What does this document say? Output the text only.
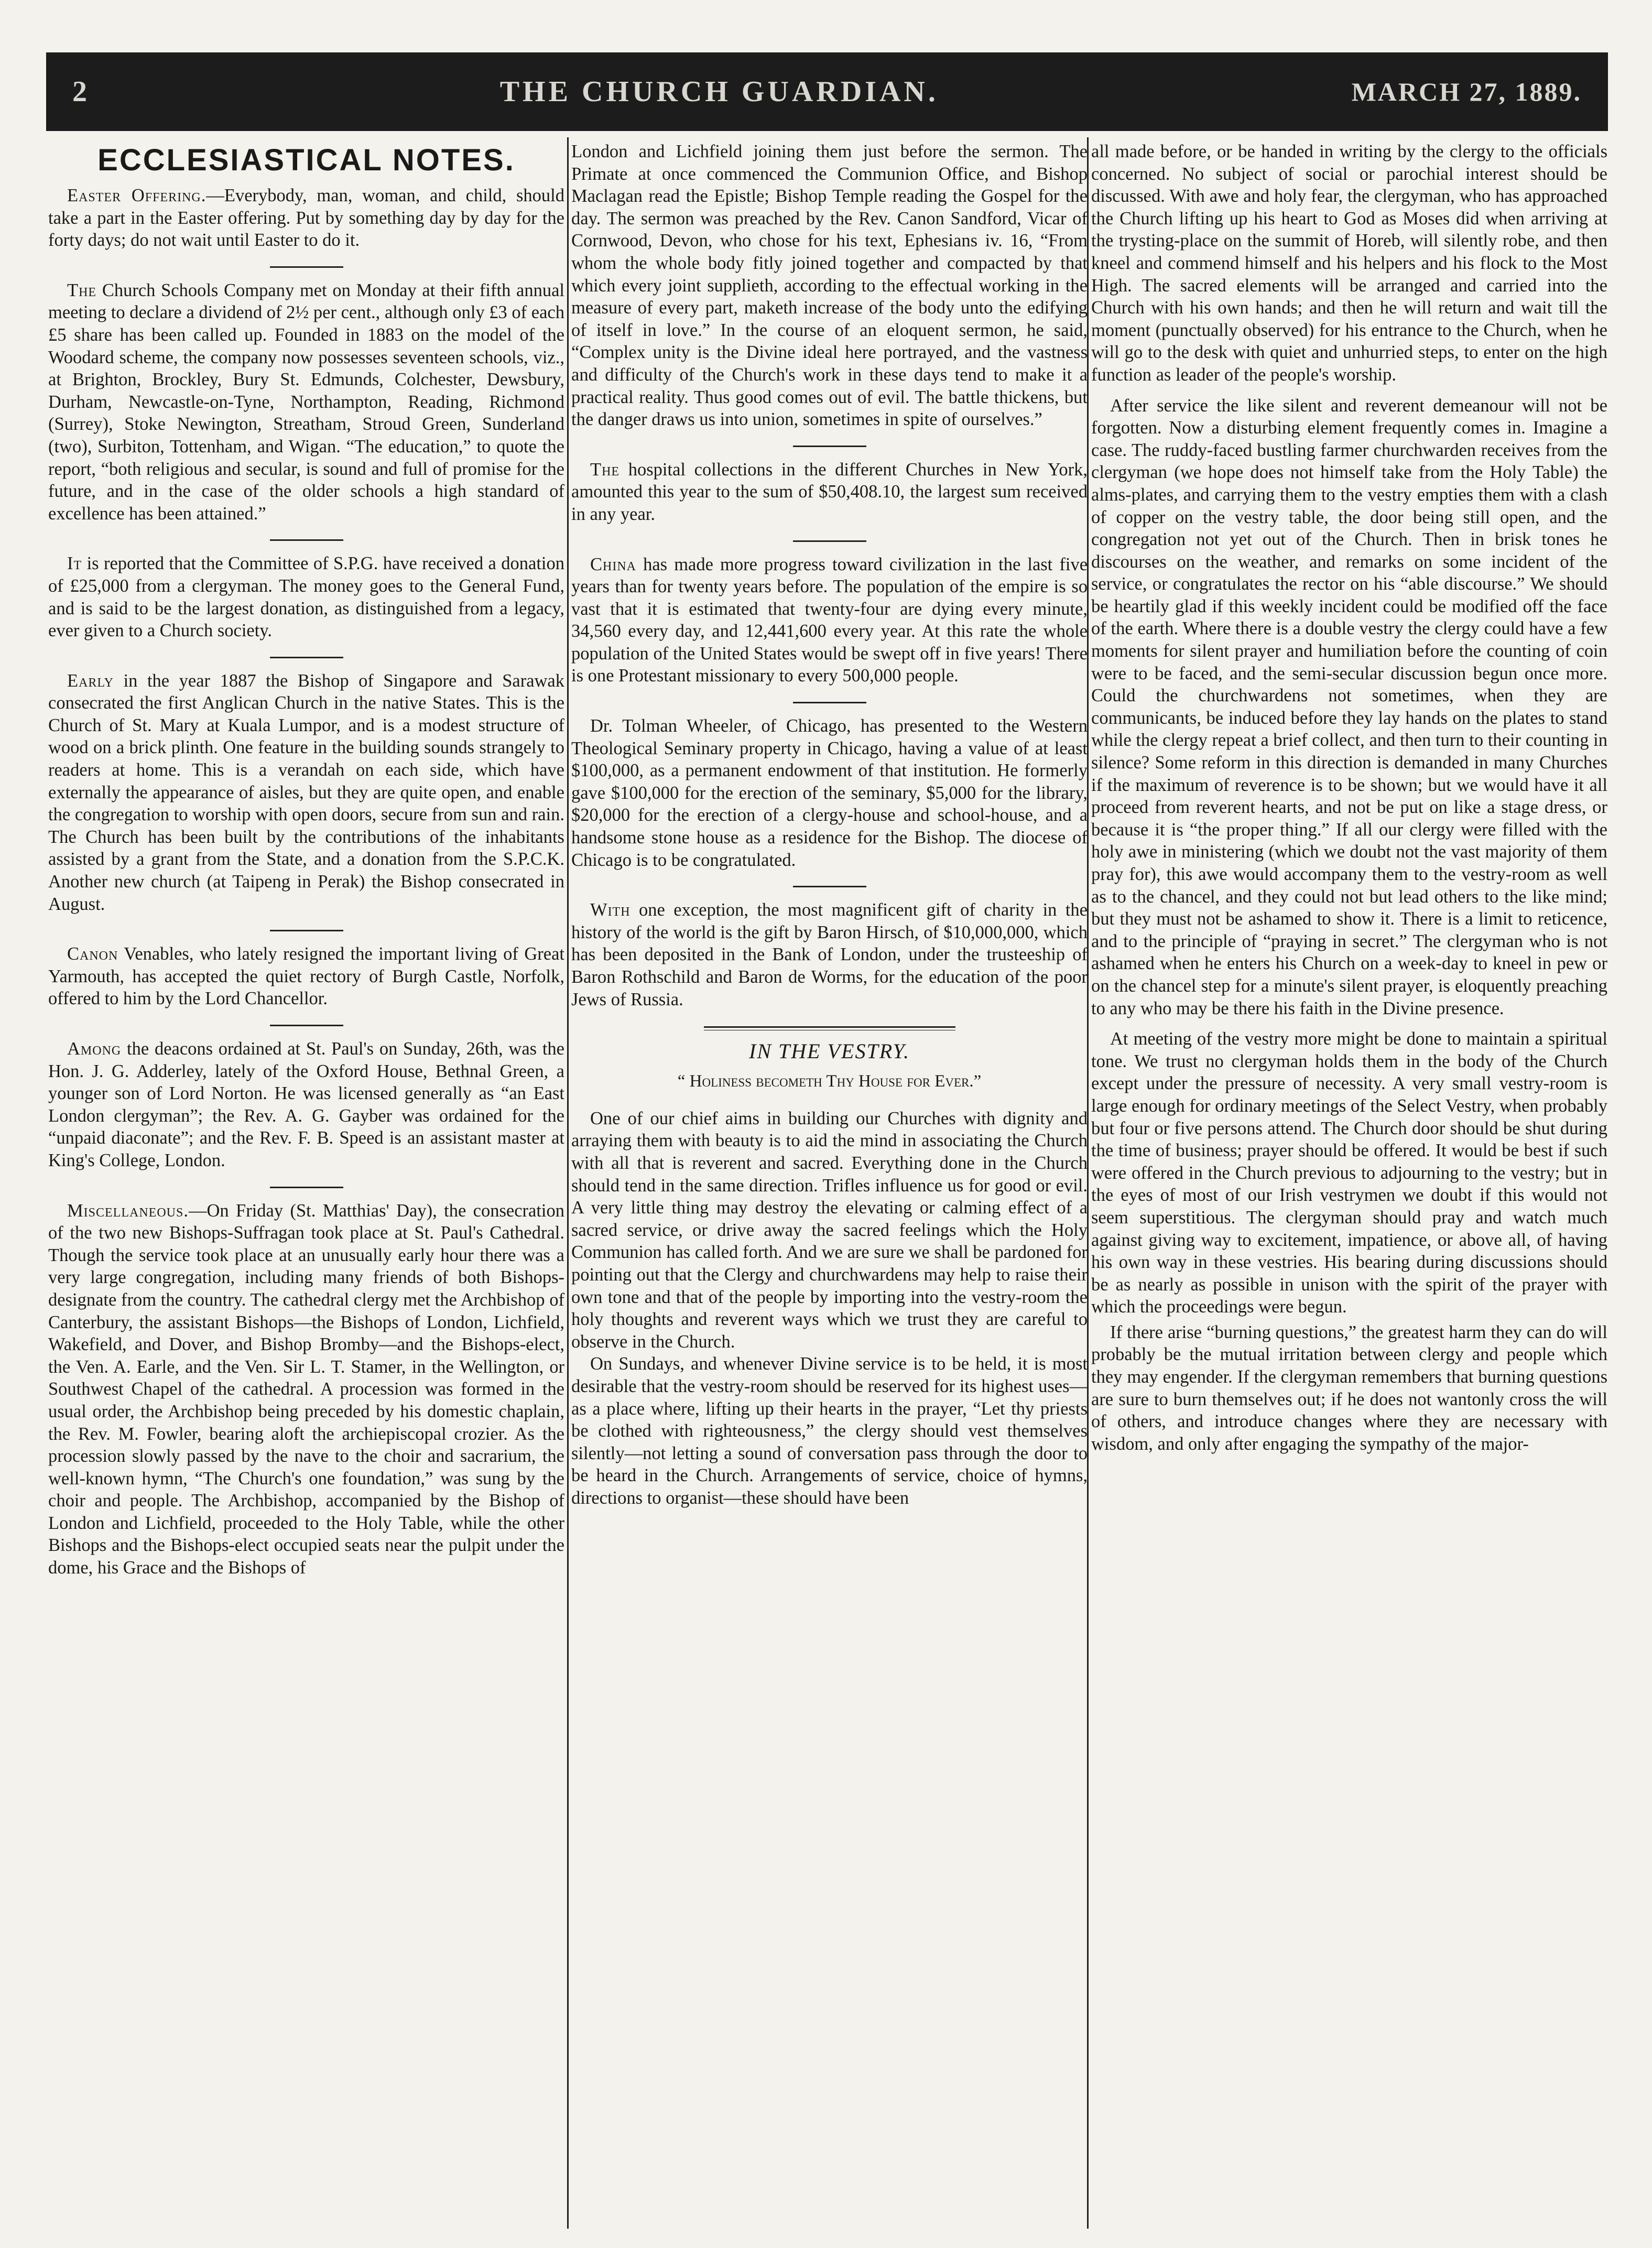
2	THE CHURCH GUARDIAN.	MARCH 27, 1889.
ECCLESIASTICAL NOTES.

Easter Offering.—Everybody, man, woman, and child, should take a part in the Easter offering. Put by something day by day for the forty days; do not wait until Easter to do it.

The Church Schools Company met on Monday at their fifth annual meeting to declare a dividend of 2½ per cent., although only £3 of each £5 share has been called up. Founded in 1883 on the model of the Woodard scheme, the company now possesses seventeen schools, viz., at Brighton, Brockley, Bury St. Edmunds, Colchester, Dewsbury, Durham, Newcastle-on-Tyne, Northampton, Reading, Richmond (Surrey), Stoke Newington, Streatham, Stroud Green, Sunderland (two), Surbiton, Tottenham, and Wigan. “The education,” to quote the report, “both religious and secular, is sound and full of promise for the future, and in the case of the older schools a high standard of excellence has been attained.”

It is reported that the Committee of S.P.G. have received a donation of £25,000 from a clergyman. The money goes to the General Fund, and is said to be the largest donation, as distinguished from a legacy, ever given to a Church society.

Early in the year 1887 the Bishop of Singapore and Sarawak consecrated the first Anglican Church in the native States. This is the Church of St. Mary at Kuala Lumpor, and is a modest structure of wood on a brick plinth. One feature in the building sounds strangely to readers at home. This is a verandah on each side, which have externally the appearance of aisles, but they are quite open, and enable the congregation to worship with open doors, secure from sun and rain. The Church has been built by the contributions of the inhabitants assisted by a grant from the State, and a donation from the S.P.C.K. Another new church (at Taipeng in Perak) the Bishop consecrated in August.

Canon Venables, who lately resigned the important living of Great Yarmouth, has accepted the quiet rectory of Burgh Castle, Norfolk, offered to him by the Lord Chancellor.

Among the deacons ordained at St. Paul's on Sunday, 26th, was the Hon. J. G. Adderley, lately of the Oxford House, Bethnal Green, a younger son of Lord Norton. He was licensed generally as “an East London clergyman”; the Rev. A. G. Gayber was ordained for the “unpaid diaconate”; and the Rev. F. B. Speed is an assistant master at King's College, London.

Miscellaneous.—On Friday (St. Matthias' Day), the consecration of the two new Bishops-Suffragan took place at St. Paul's Cathedral. Though the service took place at an unusually early hour there was a very large congregation, including many friends of both Bishops-designate from the country. The cathedral clergy met the Archbishop of Canterbury, the assistant Bishops—the Bishops of London, Lichfield, Wakefield, and Dover, and Bishop Bromby—and the Bishops-elect, the Ven. A. Earle, and the Ven. Sir L. T. Stamer, in the Wellington, or Southwest Chapel of the cathedral. A procession was formed in the usual order, the Archbishop being preceded by his domestic chaplain, the Rev. M. Fowler, bearing aloft the archiepiscopal crozier. As the procession slowly passed by the nave to the choir and sacrarium, the well-known hymn, “The Church's one foundation,” was sung by the choir and people. The Archbishop, accompanied by the Bishop of London and Lichfield, proceeded to the Holy Table, while the other Bishops and the Bishops-elect occupied seats near the pulpit under the dome, his Grace and the Bishops of

London and Lichfield joining them just before the sermon. The Primate at once commenced the Communion Office, and Bishop Maclagan read the Epistle; Bishop Temple reading the Gospel for the day. The sermon was preached by the Rev. Canon Sandford, Vicar of Cornwood, Devon, who chose for his text, Ephesians iv. 16, “From whom the whole body fitly joined together and compacted by that which every joint supplieth, according to the effectual working in the measure of every part, maketh increase of the body unto the edifying of itself in love.” In the course of an eloquent sermon, he said, “Complex unity is the Divine ideal here portrayed, and the vastness and difficulty of the Church's work in these days tend to make it a practical reality. Thus good comes out of evil. The battle thickens, but the danger draws us into union, sometimes in spite of ourselves.”

The hospital collections in the different Churches in New York, amounted this year to the sum of $50,408.10, the largest sum received in any year.

China has made more progress toward civilization in the last five years than for twenty years before. The population of the empire is so vast that it is estimated that twenty-four are dying every minute, 34,560 every day, and 12,441,600 every year. At this rate the whole population of the United States would be swept off in five years! There is one Protestant missionary to every 500,000 people.

Dr. Tolman Wheeler, of Chicago, has presented to the Western Theological Seminary property in Chicago, having a value of at least $100,000, as a permanent endowment of that institution. He formerly gave $100,000 for the erection of the seminary, $5,000 for the library, $20,000 for the erection of a clergy-house and school-house, and a handsome stone house as a residence for the Bishop. The diocese of Chicago is to be congratulated.

With one exception, the most magnificent gift of charity in the history of the world is the gift by Baron Hirsch, of $10,000,000, which has been deposited in the Bank of London, under the trusteeship of Baron Rothschild and Baron de Worms, for the education of the poor Jews of Russia.

IN THE VESTRY.
“ Holiness becometh Thy House for Ever.”

One of our chief aims in building our Churches with dignity and arraying them with beauty is to aid the mind in associating the Church with all that is reverent and sacred. Everything done in the Church should tend in the same direction. Trifles influence us for good or evil. A very little thing may destroy the elevating or calming effect of a sacred service, or drive away the sacred feelings which the Holy Communion has called forth. And we are sure we shall be pardoned for pointing out that the Clergy and churchwardens may help to raise their own tone and that of the people by importing into the vestry-room the holy thoughts and reverent ways which we trust they are careful to observe in the Church.

On Sundays, and whenever Divine service is to be held, it is most desirable that the vestry-room should be reserved for its highest uses—as a place where, lifting up their hearts in the prayer, “Let thy priests be clothed with righteousness,” the clergy should vest themselves silently—not letting a sound of conversation pass through the door to be heard in the Church. Arrangements of service, choice of hymns, directions to organist—these should have been

all made before, or be handed in writing by the clergy to the officials concerned. No subject of social or parochial interest should be discussed. With awe and holy fear, the clergyman, who has approached the Church lifting up his heart to God as Moses did when arriving at the trysting-place on the summit of Horeb, will silently robe, and then kneel and commend himself and his helpers and his flock to the Most High. The sacred elements will be arranged and carried into the Church with his own hands; and then he will return and wait till the moment (punctually observed) for his entrance to the Church, when he will go to the desk with quiet and unhurried steps, to enter on the high function as leader of the people's worship.

After service the like silent and reverent demeanour will not be forgotten. Now a disturbing element frequently comes in. Imagine a case. The ruddy-faced bustling farmer churchwarden receives from the clergyman (we hope does not himself take from the Holy Table) the alms-plates, and carrying them to the vestry empties them with a clash of copper on the vestry table, the door being still open, and the congregation not yet out of the Church. Then in brisk tones he discourses on the weather, and remarks on some incident of the service, or congratulates the rector on his “able discourse.” We should be heartily glad if this weekly incident could be modified off the face of the earth. Where there is a double vestry the clergy could have a few moments for silent prayer and humiliation before the counting of coin were to be faced, and the semi-secular discussion begun once more. Could the churchwardens not sometimes, when they are communicants, be induced before they lay hands on the plates to stand while the clergy repeat a brief collect, and then turn to their counting in silence? Some reform in this direction is demanded in many Churches if the maximum of reverence is to be shown; but we would have it all proceed from reverent hearts, and not be put on like a stage dress, or because it is “the proper thing.” If all our clergy were filled with the holy awe in ministering (which we doubt not the vast majority of them pray for), this awe would accompany them to the vestry-room as well as to the chancel, and they could not but lead others to the like mind; but they must not be ashamed to show it. There is a limit to reticence, and to the principle of “praying in secret.” The clergyman who is not ashamed when he enters his Church on a week-day to kneel in pew or on the chancel step for a minute's silent prayer, is eloquently preaching to any who may be there his faith in the Divine presence.

At meeting of the vestry more might be done to maintain a spiritual tone. We trust no clergyman holds them in the body of the Church except under the pressure of necessity. A very small vestry-room is large enough for ordinary meetings of the Select Vestry, when probably but four or five persons attend. The Church door should be shut during the time of business; prayer should be offered. It would be best if such were offered in the Church previous to adjourning to the vestry; but in the eyes of most of our Irish vestrymen we doubt if this would not seem superstitious. The clergyman should pray and watch much against giving way to excitement, impatience, or above all, of having his own way in these vestries. His bearing during discussions should be as nearly as possible in unison with the spirit of the prayer with which the proceedings were begun.

If there arise “burning questions,” the greatest harm they can do will probably be the mutual irritation between clergy and people which they may engender. If the clergyman remembers that burning questions are sure to burn themselves out; if he does not wantonly cross the will of others, and introduce changes where they are necessary with wisdom, and only after engaging the sympathy of the major-
